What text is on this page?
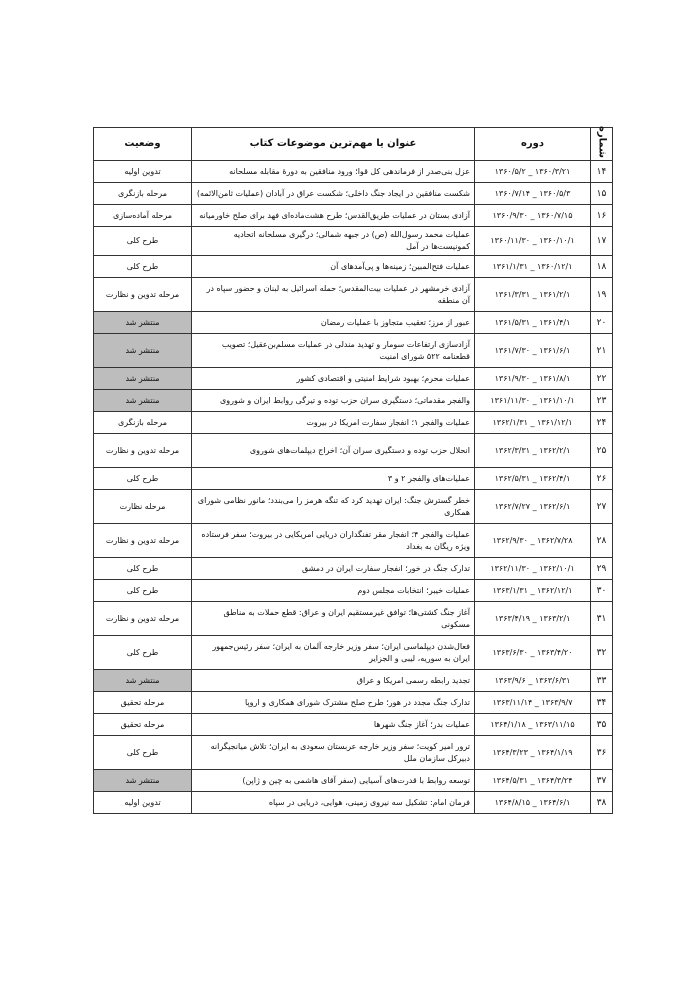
شماره	دوره	عنوان یا مهم‌ترین موضوعات کتاب	وضعیت
۱۴	۱۳۶۰/۳/۲۱ _ ۱۳۶۰/۵/۲	عزل بنی‌صدر از فرماندهی کل قوا؛ ورود منافقین به دورهٔ مقابله مسلحانه	تدوین اولیه
۱۵	۱۳۶۰/۵/۳ _ ۱۳۶۰/۷/۱۴	شکست منافقین در ایجاد جنگ داخلی؛ شکست عراق در آبادان (عملیات ثامن‌الائمه)	مرحله بازنگری
۱۶	۱۳۶۰/۷/۱۵ _ ۱۳۶۰/۹/۳۰	آزادی بستان در عملیات طریق‌القدس؛ طرح هشت‌ماده‌ای فهد برای صلح خاورمیانه	مرحله آماده‌سازی
۱۷	۱۳۶۰/۱۰/۱ _ ۱۳۶۰/۱۱/۳۰	عملیات محمد رسول‌الله (ص) در جبهه شمالی؛ درگیری مسلحانه اتحادیه کمونیست‌ها در آمل	طرح کلی
۱۸	۱۳۶۰/۱۲/۱ _ ۱۳۶۱/۱/۳۱	عملیات فتح‌المبین؛ زمینه‌ها و پی‌آمدهای آن	طرح کلی
۱۹	۱۳۶۱/۲/۱ _ ۱۳۶۱/۳/۳۱	آزادی خرمشهر در عملیات بیت‌المقدس؛ حمله اسرائیل به لبنان و حضور سپاه در آن منطقه	مرحله تدوین و نظارت
۲۰	۱۳۶۱/۴/۱ _ ۱۳۶۱/۵/۳۱	عبور از مرز؛ تعقیب متجاوز با عملیات رمضان	منتشر شد
۲۱	۱۳۶۱/۶/۱ _ ۱۳۶۱/۷/۳۰	آزادسازی ارتفاعات سومار و تهدید مندلی در عملیات مسلم‌بن‌عقیل؛ تصویب قطعنامه ۵۲۲ شورای امنیت	منتشر شد
۲۲	۱۳۶۱/۸/۱ _ ۱۳۶۱/۹/۳۰	عملیات محرم؛ بهبود شرایط امنیتی و اقتصادی کشور	منتشر شد
۲۳	۱۳۶۱/۱۰/۱ _ ۱۳۶۱/۱۱/۳۰	والفجر مقدماتی؛ دستگیری سران حزب توده و تیرگی روابط ایران و شوروی	منتشر شد
۲۴	۱۳۶۱/۱۲/۱ _ ۱۳۶۲/۱/۳۱	عملیات والفجر ۱؛ انفجار سفارت امریکا در بیروت	مرحله بازنگری
۲۵	۱۳۶۲/۲/۱ _ ۱۳۶۲/۳/۳۱	انحلال حزب توده و دستگیری سران آن؛ اخراج دیپلمات‌های شوروی	مرحله تدوین و نظارت
۲۶	۱۳۶۲/۴/۱ _ ۱۳۶۲/۵/۳۱	عملیات‌های والفجر ۲ و ۳	طرح کلی
۲۷	۱۳۶۲/۶/۱ _ ۱۳۶۲/۷/۲۷	خطر گسترش جنگ: ایران تهدید کرد که تنگه هرمز را می‌بندد؛ مانور نظامی شورای همکاری	مرحله نظارت
۲۸	۱۳۶۲/۷/۲۸ _ ۱۳۶۲/۹/۳۰	عملیات والفجر ۴؛ انفجار مقر تفنگداران دریایی امریکایی در بیروت؛ سفر فرستاده ویژه ریگان به بغداد	مرحله تدوین و نظارت
۲۹	۱۳۶۲/۱۰/۱ _ ۱۳۶۲/۱۱/۳۰	تدارک جنگ در خور؛ انفجار سفارت ایران در دمشق	طرح کلی
۳۰	۱۳۶۲/۱۲/۱ _ ۱۳۶۳/۱/۳۱	عملیات خیبر؛ انتخابات مجلس دوم	طرح کلی
۳۱	۱۳۶۳/۲/۱ _ ۱۳۶۳/۴/۱۹	آغاز جنگ کشتی‌ها؛ توافق غیرمستقیم ایران و عراق: قطع حملات به مناطق مسکونی	مرحله تدوین و نظارت
۳۲	۱۳۶۳/۴/۲۰ _ ۱۳۶۳/۶/۳۰	فعال‌شدن دیپلماسی ایران؛ سفر وزیر خارجه آلمان به ایران؛ سفر رئیس‌جمهور ایران به سوریه، لیبی و الجزایر	طرح کلی
۳۳	۱۳۶۳/۶/۳۱ _ ۱۳۶۳/۹/۶	تجدید رابطه رسمی امریکا و عراق	منتشر شد
۳۴	۱۳۶۳/۹/۷ _ ۱۳۶۳/۱۱/۱۴	تدارک جنگ مجدد در هور؛ طرح صلح مشترک شورای همکاری و اروپا	مرحله تحقیق
۳۵	۱۳۶۳/۱۱/۱۵ _ ۱۳۶۴/۱/۱۸	عملیات بدر؛ آغاز جنگ شهرها	مرحله تحقیق
۳۶	۱۳۶۴/۱/۱۹ _ ۱۳۶۴/۳/۲۳	ترور امیر کویت؛ سفر وزیر خارجه عربستان سعودی به ایران؛ تلاش میانجیگرانه دبیرکل سازمان ملل	طرح کلی
۳۷	۱۳۶۴/۳/۲۴ _ ۱۳۶۴/۵/۳۱	توسعه روابط با قدرت‌های آسیایی (سفر آقای هاشمی به چین و ژاپن)	منتشر شد
۳۸	۱۳۶۴/۶/۱ _ ۱۳۶۴/۸/۱۵	فرمان امام: تشکیل سه نیروی زمینی، هوایی، دریایی در سپاه	تدوین اولیه
